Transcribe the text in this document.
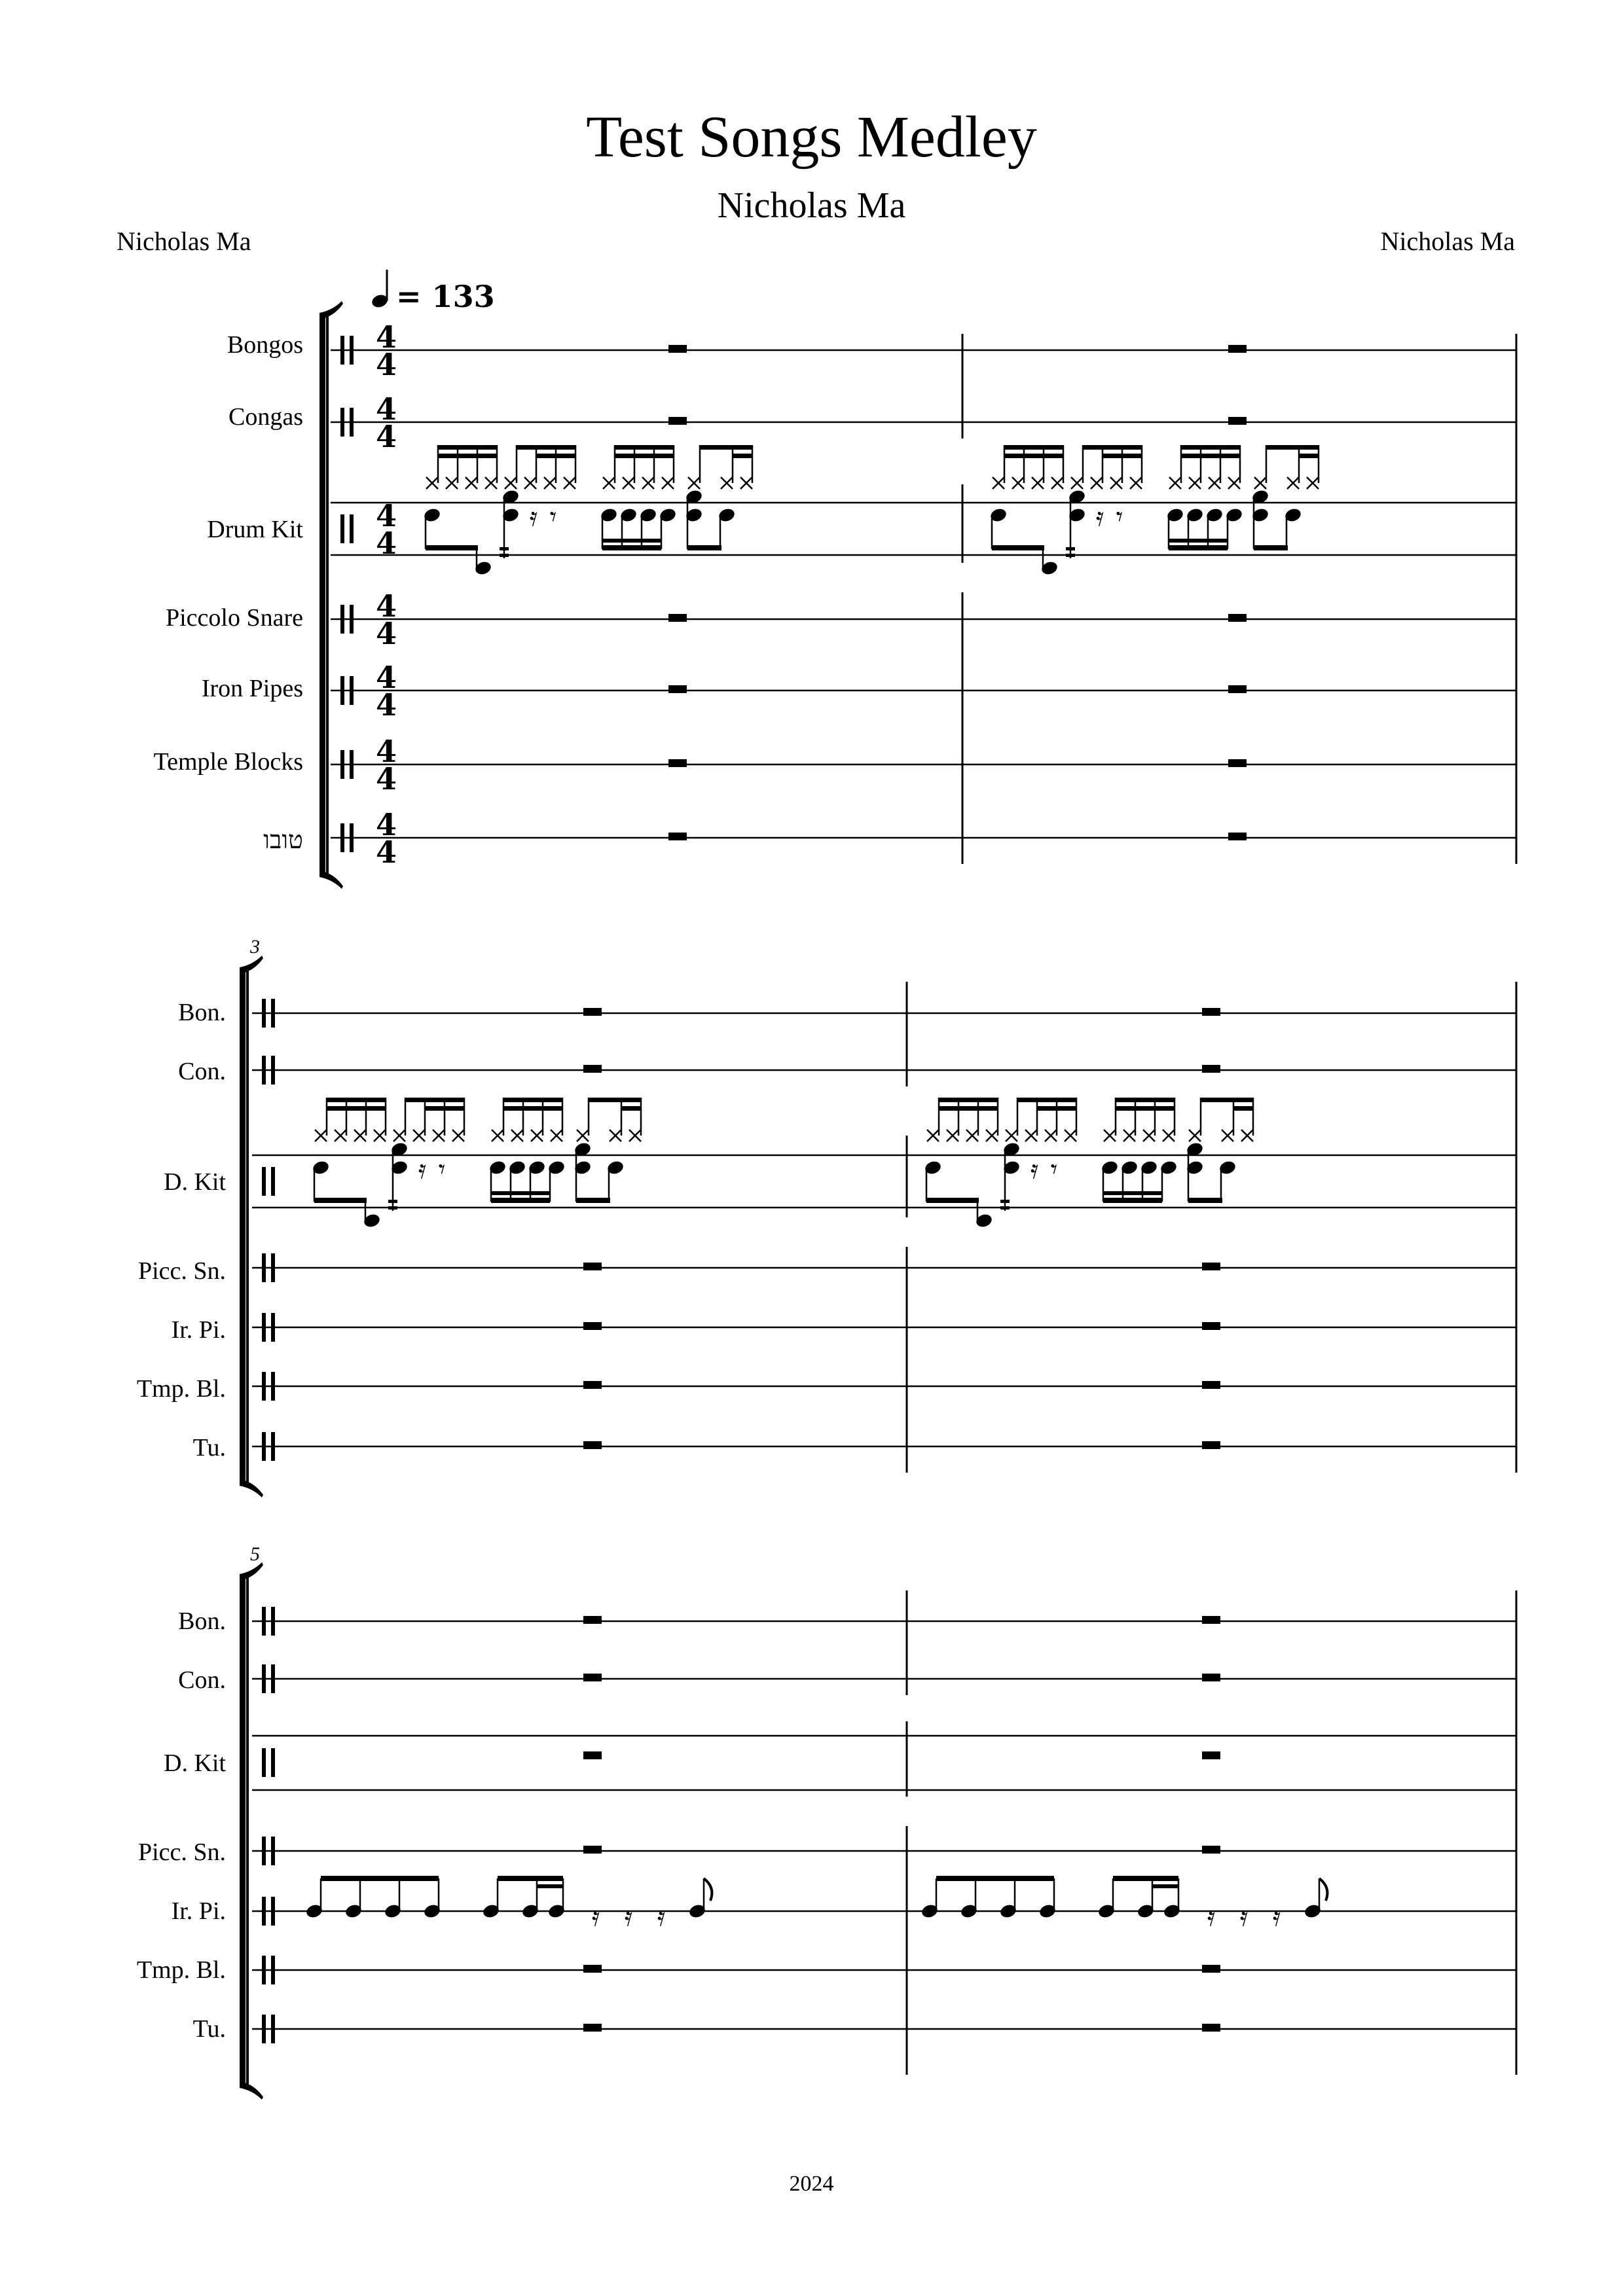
Test Songs Medley
Nicholas Ma
Nicholas Ma	Nicholas Ma
= 133
Bongos
Congas
Drum Kit
Piccolo Snare
Iron Pipes
Temple Blocks
טובו
3
Bon.
Con.
D. Kit
Picc. Sn.
Ir. Pi.
Tmp. Bl.
Tu.
5
Bon.
Con.
D. Kit
Picc. Sn.
Ir. Pi.
Tmp. Bl.
Tu.
2024
4
4
4
4
4
4
4
4
4
4
4
4
4
4
𝄿 𝄾	𝄿 𝄾
𝄿 𝄾	𝄿 𝄾
𝄿 𝄿 𝄿	𝄿 𝄿 𝄿
